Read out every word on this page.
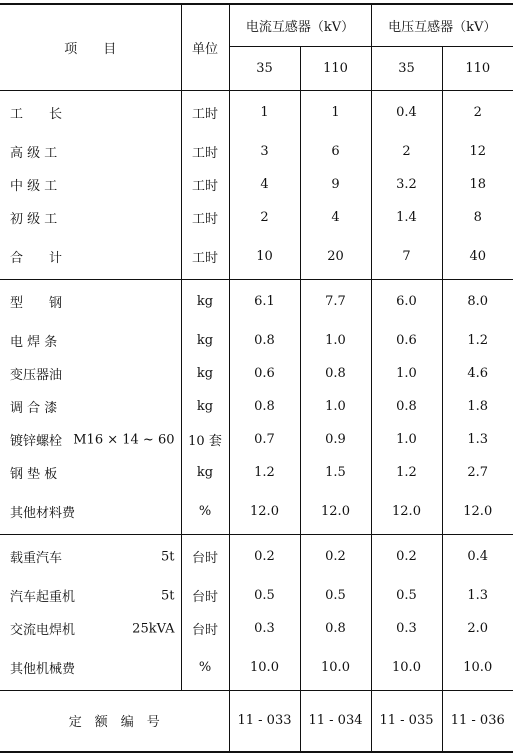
项　　目	单位	电流互感器（kV）		电压互感器（kV）	
		35	110	35	110
工　　长	工时	1	1	0.4	2
高 级 工	工时	3	6	2	12
中 级 工	工时	4	9	3.2	18
初 级 工	工时	2	4	1.4	8
合　　计	工时	10	20	7	40
型　　钢	kg	6.1	7.7	6.0	8.0
电 焊 条	kg	0.8	1.0	0.6	1.2
变压器油	kg	0.6	0.8	1.0	4.6
调 合 漆	kg	0.8	1.0	0.8	1.8
镀锌螺栓 M16 × 14 ~ 60	10 套	0.7	0.9	1.0	1.3
钢 垫 板	kg	1.2	1.5	1.2	2.7
其他材料费	%	12.0	12.0	12.0	12.0
载重汽车 5t	台时	0.2	0.2	0.2	0.4
汽车起重机 5t	台时	0.5	0.5	0.5	1.3
交流电焊机 25kVA	台时	0.3	0.8	0.3	2.0
其他机械费	%	10.0	10.0	10.0	10.0
定　额　编　号		11 - 033	11 - 034	11 - 035	11 - 036
